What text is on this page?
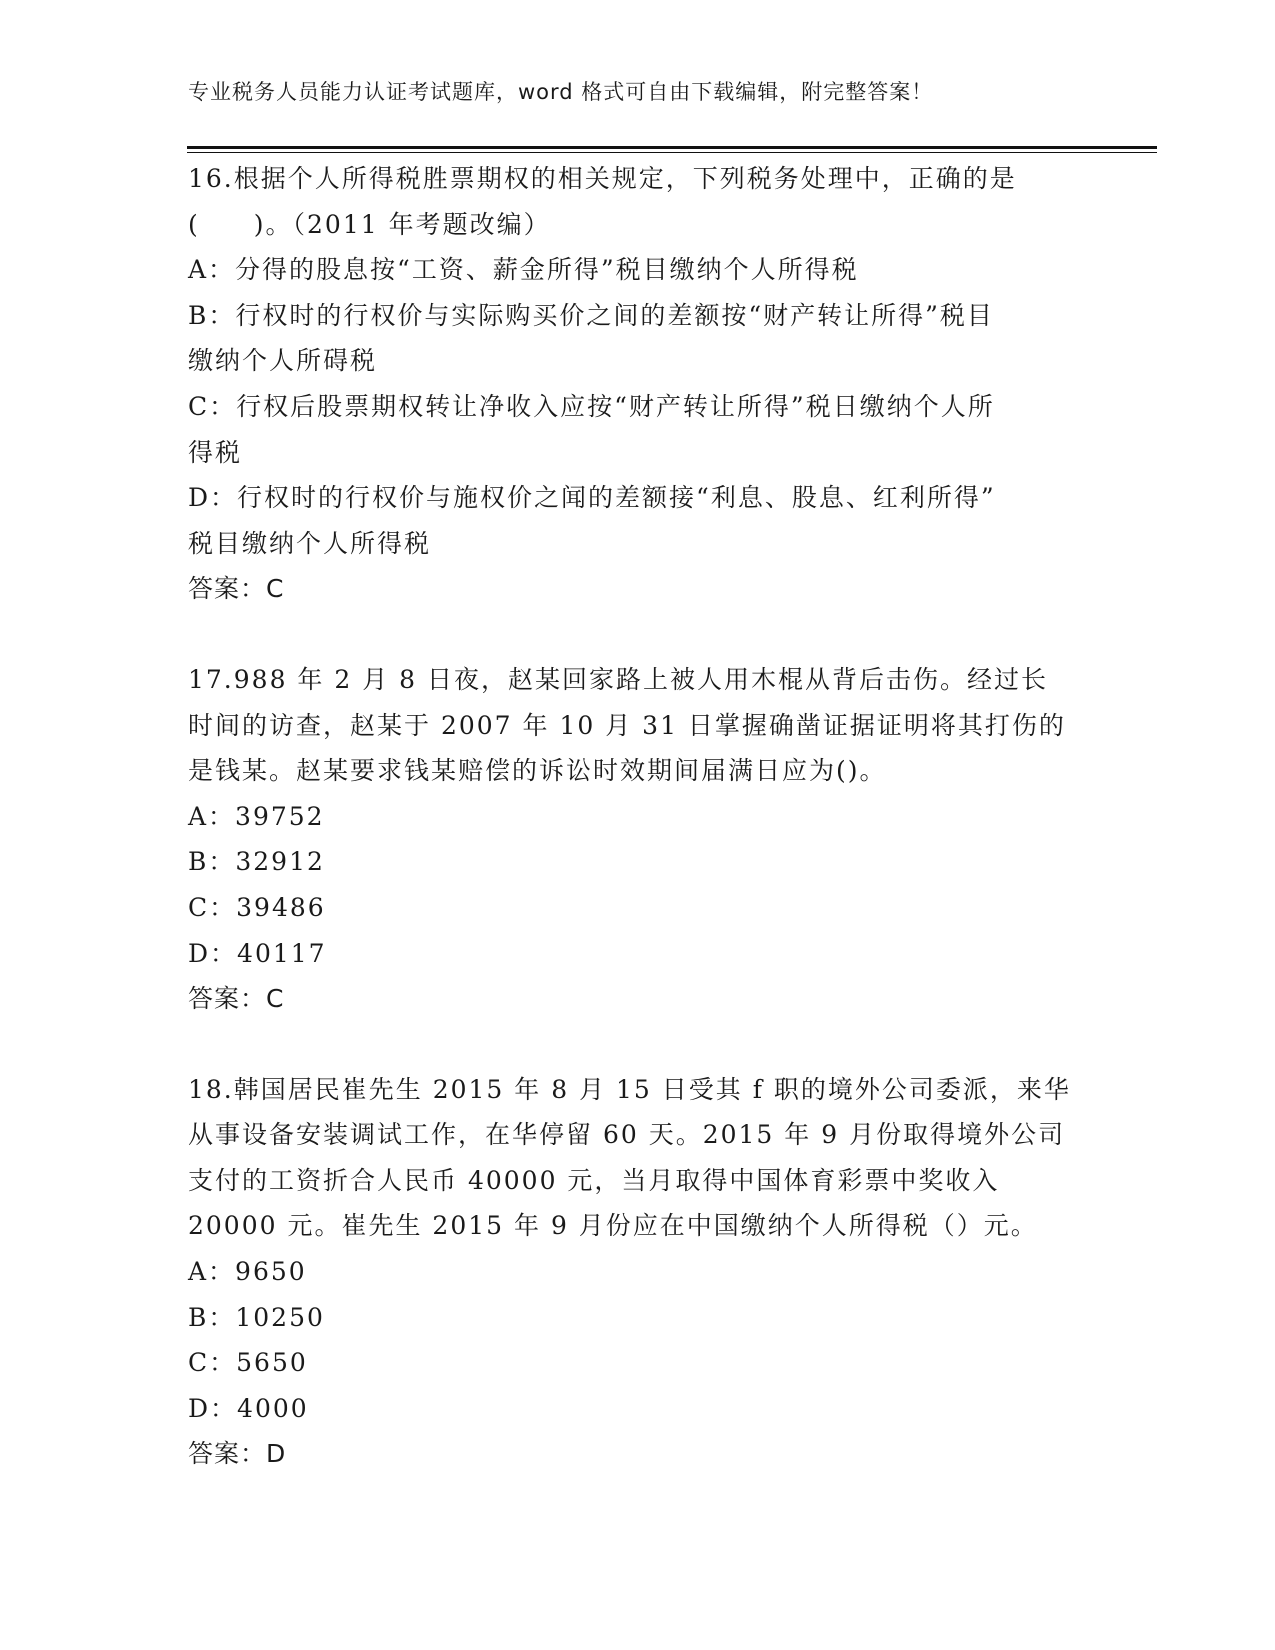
专业税务人员能力认证考试题库，word 格式可自由下载编辑，附完整答案！
16.根据个人所得税胜票期权的相关规定，下列税务处理中，正确的是
(　　)。（2011 年考题改编）
A：分得的股息按“工资、薪金所得”税目缴纳个人所得税
B：行权时的行权价与实际购买价之间的差额按“财产转让所得”税目
缴纳个人所碍税
C：行权后股票期权转让净收入应按“财产转让所得”税日缴纳个人所
得税
D：行权时的行权价与施权价之闻的差额接“利息、股息、红利所得”
税目缴纳个人所得税
答案：C
17.988 年 2 月 8 日夜，赵某回家路上被人用木棍从背后击伤。经过长
时间的访查，赵某于 2007 年 10 月 31 日掌握确凿证据证明将其打伤的
是钱某。赵某要求钱某赔偿的诉讼时效期间届满日应为()。
A：39752
B：32912
C：39486
D：40117
答案：C
18.韩国居民崔先生 2015 年 8 月 15 日受其 f 职的境外公司委派，来华
从事设备安装调试工作，在华停留 60 天。2015 年 9 月份取得境外公司
支付的工资折合人民币 40000 元，当月取得中国体育彩票中奖收入
20000 元。崔先生 2015 年 9 月份应在中国缴纳个人所得税（）元。
A：9650
B：10250
C：5650
D：4000
答案：D
